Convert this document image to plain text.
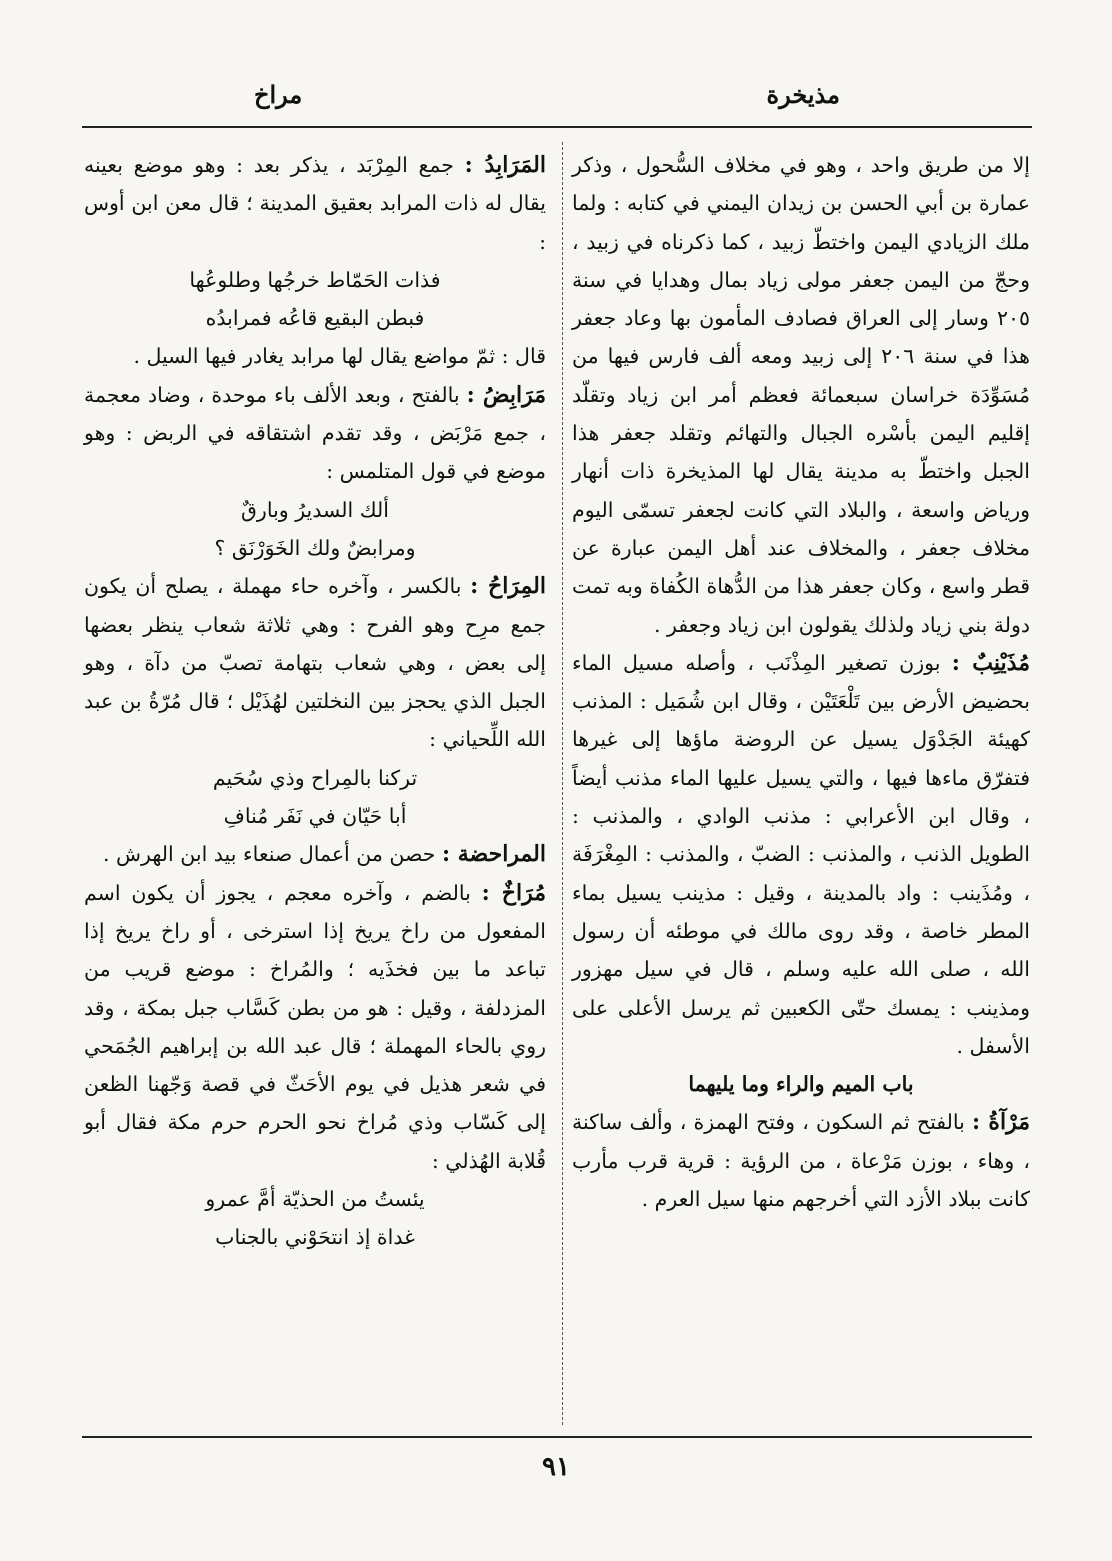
مذيخرة
مراخ

إلا من طريق واحد ، وهو في مخلاف السُّحول ، وذكر عمارة بن أبي الحسن بن زيدان اليمني في كتابه : ولما ملك الزيادي اليمن واختطّ زبيد ، كما ذكرناه في زبيد ، وحجّ من اليمن جعفر مولى زياد بمال وهدايا في سنة ٢٠٥ وسار إلى العراق فصادف المأمون بها وعاد جعفر هذا في سنة ٢٠٦ إلى زبيد ومعه ألف فارس فيها من مُسَوِّدَة خراسان سبعمائة فعظم أمر ابن زياد وتقلّد إقليم اليمن بأسْره الجبال والتهائم وتقلد جعفر هذا الجبل واختطّ به مدينة يقال لها المذيخرة ذات أنهار ورياض واسعة ، والبلاد التي كانت لجعفر تسمّى اليوم مخلاف جعفر ، والمخلاف عند أهل اليمن عبارة عن قطر واسع ، وكان جعفر هذا من الدُّهاة الكُفاة وبه تمت دولة بني زياد ولذلك يقولون ابن زياد وجعفر .

مُذَيْنِبٌ : بوزن تصغير المِذْنَب ، وأصله مسيل الماء بحضيض الأرض بين تَلْعَتَيْن ، وقال ابن شُمَيل : المذنب كهيئة الجَدْوَل يسيل عن الروضة ماؤها إلى غيرها فتفرّق ماءها فيها ، والتي يسيل عليها الماء مذنب أيضاً ، وقال ابن الأعرابي : مذنب الوادي ، والمذنب : الطويل الذنب ، والمذنب : الضبّ ، والمذنب : المِغْرَفَة ، ومُذَينب : واد بالمدينة ، وقيل : مذينب يسيل بماء المطر خاصة ، وقد روى مالك في موطئه أن رسول الله ، صلى الله عليه وسلم ، قال في سيل مهزور ومذينب : يمسك حتّى الكعبين ثم يرسل الأعلى على الأسفل .

باب الميم والراء وما يليهما

مَرْآةُ : بالفتح ثم السكون ، وفتح الهمزة ، وألف ساكنة ، وهاء ، بوزن مَرْعاة ، من الرؤية : قرية قرب مأرب كانت ببلاد الأزد التي أخرجهم منها سيل العرم .

المَرَابِدُ : جمع المِرْبَد ، يذكر بعد : وهو موضع بعينه يقال له ذات المرابد بعقيق المدينة ؛ قال معن ابن أوس :

فذات الحَمّاط خرجُها وطلوعُها

فبطن البقيع قاعُه فمرابدُه

قال : ثمّ مواضع يقال لها مرابد يغادر فيها السيل .

مَرَابِضُ : بالفتح ، وبعد الألف باء موحدة ، وضاد معجمة ، جمع مَرْبَض ، وقد تقدم اشتقاقه في الربض : وهو موضع في قول المتلمس :

ألك السديرُ وبارقٌ

ومرابضٌ ولك الخَوَرْنَق ؟

المِرَاحُ : بالكسر ، وآخره حاء مهملة ، يصلح أن يكون جمع مرِح وهو الفرح : وهي ثلاثة شعاب ينظر بعضها إلى بعض ، وهي شعاب بتهامة تصبّ من دآة ، وهو الجبل الذي يحجز بين النخلتين لهُذَيْل ؛ قال مُرّةُ بن عبد الله اللِّحياني :

تركنا بالمِراح وذي سُحَيم

أبا حَيّان في نَفَر مُنافِ

المراحضة : حصن من أعمال صنعاء بيد ابن الهرش .

مُرَاخٌ : بالضم ، وآخره معجم ، يجوز أن يكون اسم المفعول من راخ يريخ إذا استرخى ، أو راخ يريخ إذا تباعد ما بين فخذَيه ؛ والمُراخ : موضع قريب من المزدلفة ، وقيل : هو من بطن كَسَّاب جبل بمكة ، وقد روي بالحاء المهملة ؛ قال عبد الله بن إبراهيم الجُمَحي في شعر هذيل في يوم الأحَثّ في قصة وَجّهنا الظعن إلى كَسّاب وذي مُراخ نحو الحرم حرم مكة فقال أبو قُلابة الهُذلي :

يئستُ من الحذيّة أمَّ عمرو

غداة إذ انتحَوْني بالجناب

٩١
